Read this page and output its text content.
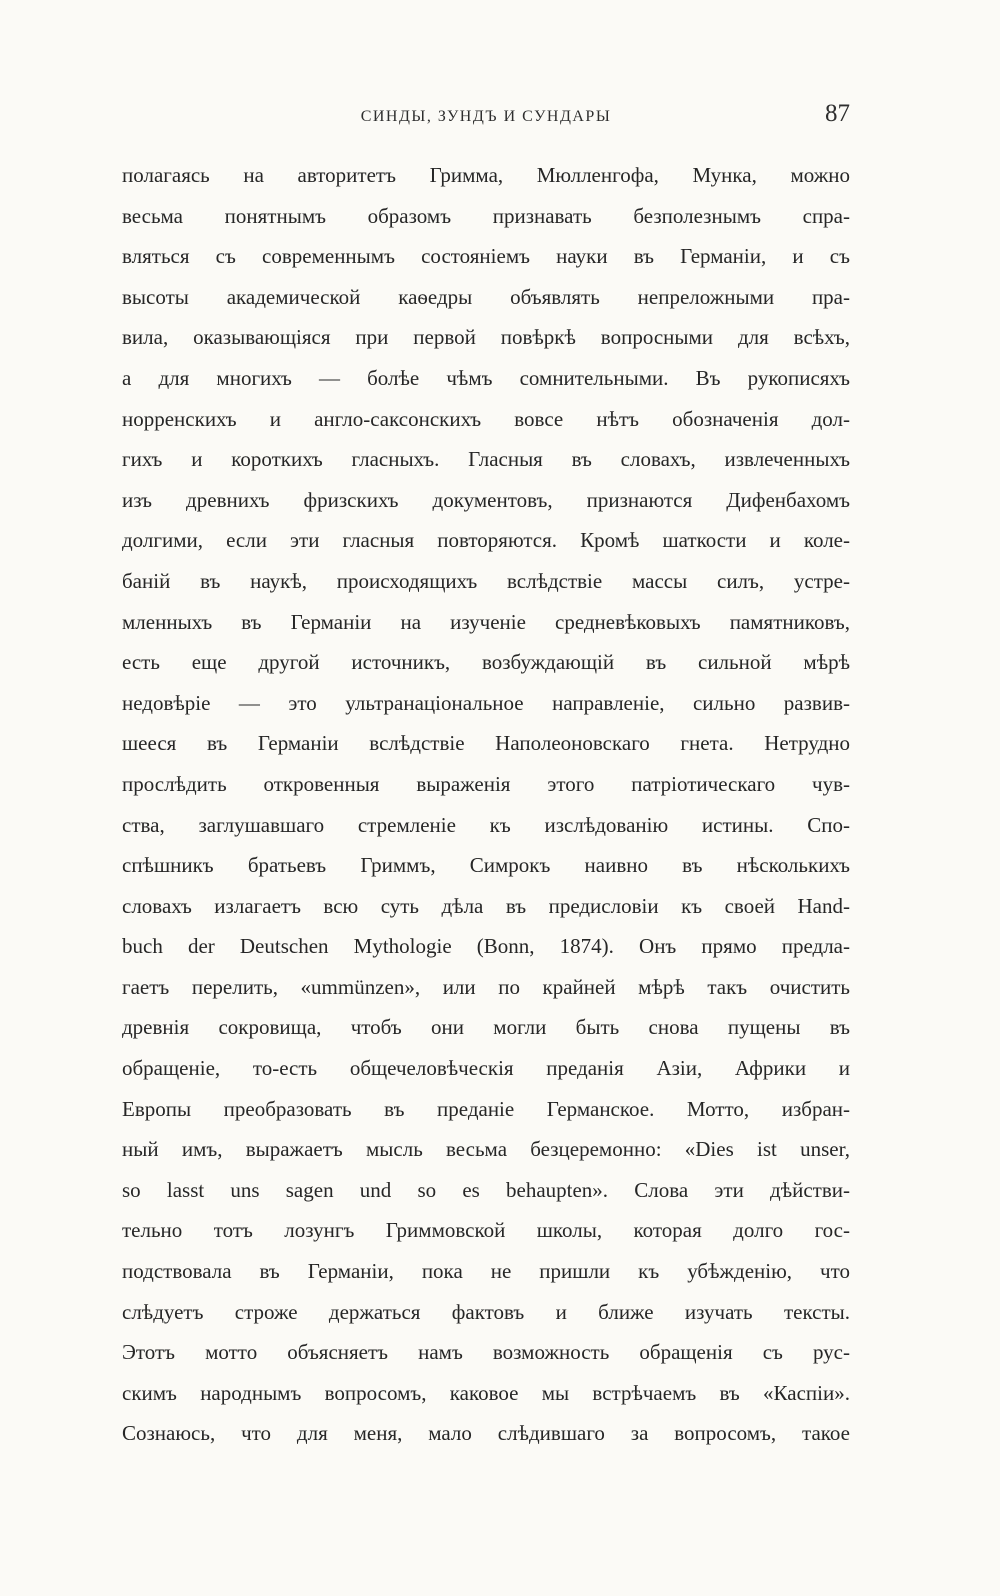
СИНДЫ, ЗУНДЪ И СУНДАРЫ	87
полагаясь на авторитетъ Гримма, Мюлленгофа, Мунка, можно
весьма понятнымъ образомъ признавать безполезнымъ спра-
вляться съ современнымъ состоянiемъ науки въ Германiи, и съ
высоты академической каѳедры объявлять непреложными пра-
вила, оказывающiяся при первой повѣркѣ вопросными для всѣхъ,
а для многихъ — болѣе чѣмъ сомнительными. Въ рукописяхъ
норренскихъ и англо-саксонскихъ вовсе нѣтъ обозначенiя дол-
гихъ и короткихъ гласныхъ. Гласныя въ словахъ, извлеченныхъ
изъ древнихъ фризскихъ документовъ, признаются Дифенбахомъ
долгими, если эти гласныя повторяются. Кромѣ шаткости и коле-
банiй въ наукѣ, происходящихъ вслѣдствiе массы силъ, устре-
мленныхъ въ Германiи на изученiе средневѣковыхъ памятниковъ,
есть еще другой источникъ, возбуждающiй въ сильной мѣрѣ
недовѣрiе — это ультранацiональное направленiе, сильно развив-
шееся въ Германiи вслѣдствiе Наполеоновскаго гнета. Нетрудно
прослѣдить откровенныя выраженiя этого патрiотическаго чув-
ства, заглушавшаго стремленiе къ изслѣдованiю истины. Спо-
спѣшникъ братьевъ Гриммъ, Симрокъ наивно въ нѣсколькихъ
словахъ излагаетъ всю суть дѣла въ предисловiи къ своей Hand-
buch der Deutschen Mythologie (Bonn, 1874). Онъ прямо предла-
гаетъ перелить, «ummünzen», или по крайней мѣрѣ такъ очистить
древнiя сокровища, чтобъ они могли быть снова пущены въ
обращенiе, то-есть общечеловѣческiя преданiя Азiи, Африки и
Европы преобразовать въ преданiе Германское. Мотто, избран-
ный имъ, выражаетъ мысль весьма безцеремонно: «Dies ist unser,
so lasst uns sagen und so es behaupten». Слова эти дѣйстви-
тельно тотъ лозунгъ Гриммовской школы, которая долго гос-
подствовала въ Германiи, пока не пришли къ убѣжденiю, что
слѣдуетъ строже держаться фактовъ и ближе изучать тексты.
Этотъ мотто объясняетъ намъ возможность обращенiя съ рус-
скимъ народнымъ вопросомъ, каковое мы встрѣчаемъ въ «Каспiи».
Сознаюсь, что для меня, мало слѣдившаго за вопросомъ, такое
